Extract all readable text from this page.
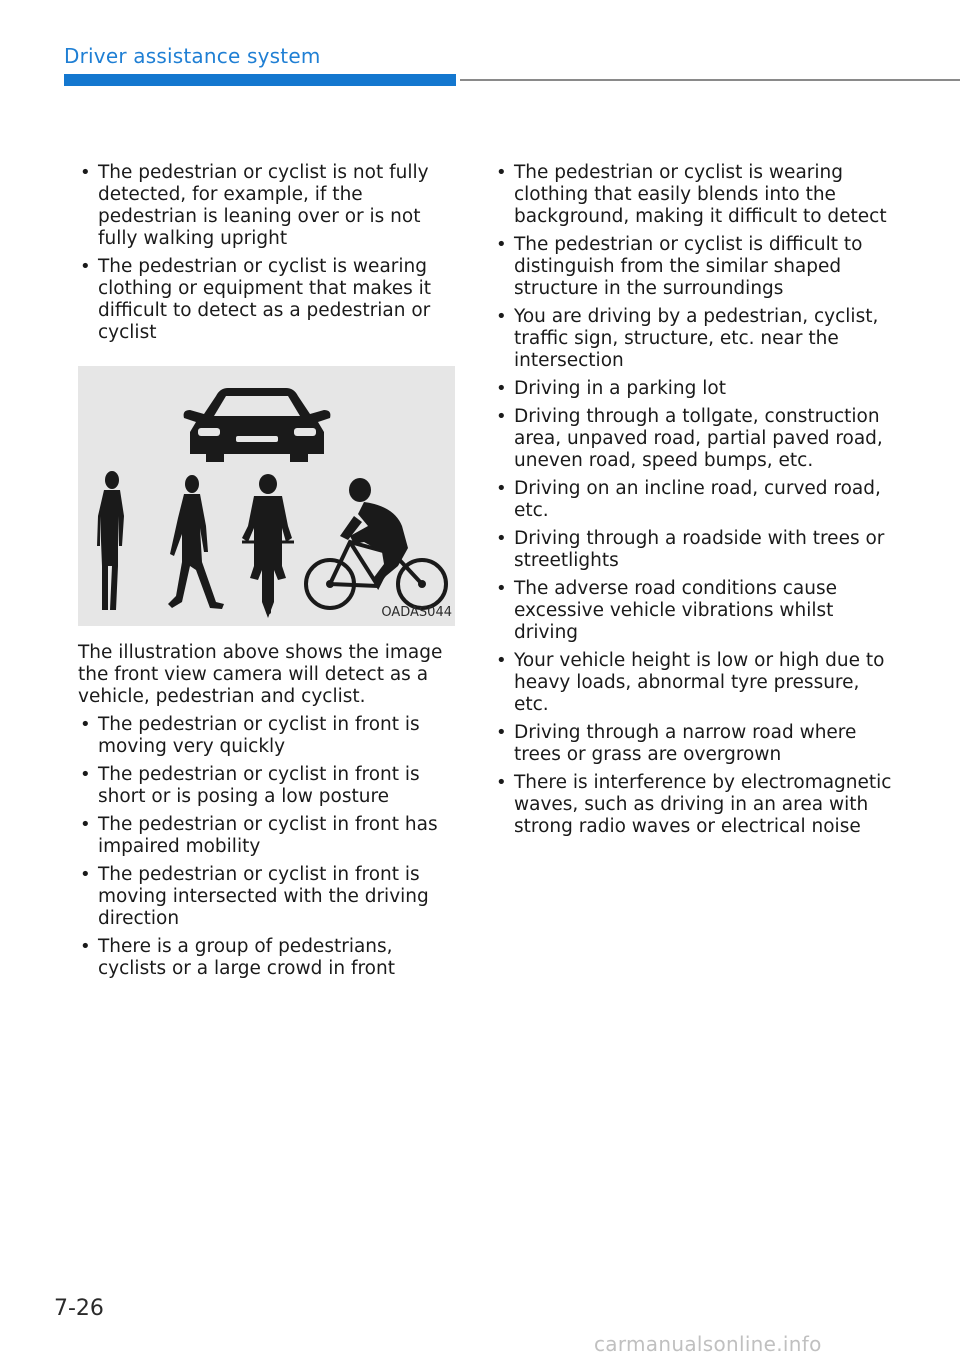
Driver assistance system
• The pedestrian or cyclist is not fully detected, for example, if the pedestrian is leaning over or is not fully walking upright
• The pedestrian or cyclist is wearing clothing or equipment that makes it difficult to detect as a pedestrian or cyclist
OADAS044

The illustration above shows the image the front view camera will detect as a vehicle, pedestrian and cyclist.

• The pedestrian or cyclist in front is moving very quickly
• The pedestrian or cyclist in front is short or is posing a low posture
• The pedestrian or cyclist in front has impaired mobility
• The pedestrian or cyclist in front is moving intersected with the driving direction
• There is a group of pedestrians, cyclists or a large crowd in front
• The pedestrian or cyclist is wearing clothing that easily blends into the background, making it difficult to detect
• The pedestrian or cyclist is difficult to distinguish from the similar shaped structure in the surroundings
• You are driving by a pedestrian, cyclist, traffic sign, structure, etc. near the intersection
• Driving in a parking lot
• Driving through a tollgate, construction area, unpaved road, partial paved road, uneven road, speed bumps, etc.
• Driving on an incline road, curved road, etc.
• Driving through a roadside with trees or streetlights
• The adverse road conditions cause excessive vehicle vibrations whilst driving
• Your vehicle height is low or high due to heavy loads, abnormal tyre pressure, etc.
• Driving through a narrow road where trees or grass are overgrown
• There is interference by electromagnetic waves, such as driving in an area with strong radio waves or electrical noise
7-26
carmanualsonline.info
